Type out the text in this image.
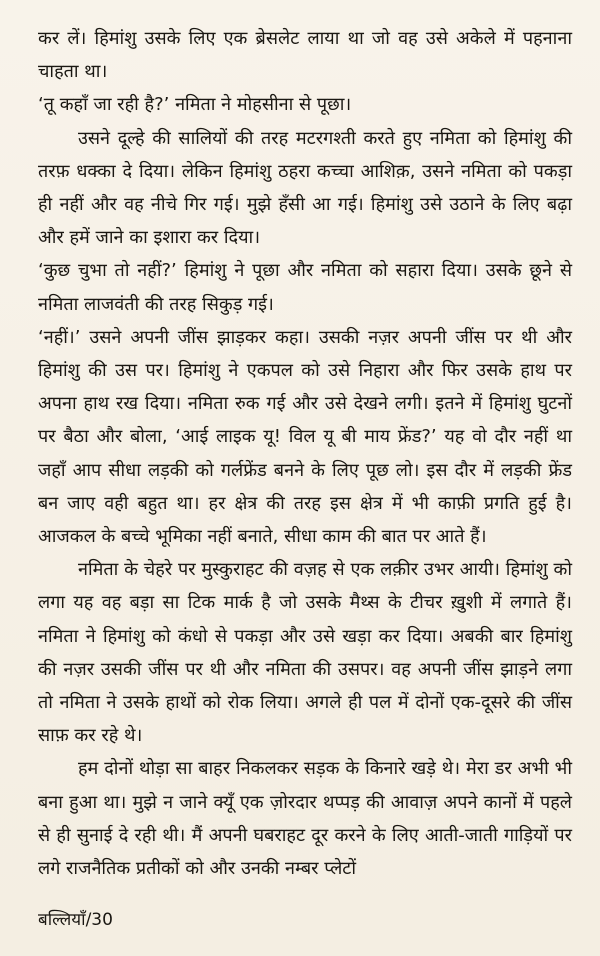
कर लें। हिमांशु उसके लिए एक ब्रेसलेट लाया था जो वह उसे अकेले में पहनाना चाहता था।

‘तू कहाँ जा रही है?’ नमिता ने मोहसीना से पूछा।

उसने दूल्हे की सालियों की तरह मटरगश्ती करते हुए नमिता को हिमांशु की तरफ़ धक्का दे दिया। लेकिन हिमांशु ठहरा कच्चा आशिक़, उसने नमिता को पकड़ा ही नहीं और वह नीचे गिर गई। मुझे हँसी आ गई। हिमांशु उसे उठाने के लिए बढ़ा और हमें जाने का इशारा कर दिया।

‘कुछ चुभा तो नहीं?’ हिमांशु ने पूछा और नमिता को सहारा दिया। उसके छूने से नमिता लाजवंती की तरह सिकुड़ गई।

‘नहीं।’ उसने अपनी जींस झाड़कर कहा। उसकी नज़र अपनी जींस पर थी और हिमांशु की उस पर। हिमांशु ने एकपल को उसे निहारा और फिर उसके हाथ पर अपना हाथ रख दिया। नमिता रुक गई और उसे देखने लगी। इतने में हिमांशु घुटनों पर बैठा और बोला, ‘आई लाइक यू! विल यू बी माय फ्रेंड?’ यह वो दौर नहीं था जहाँ आप सीधा लड़की को गर्लफ्रेंड बनने के लिए पूछ लो। इस दौर में लड़की फ्रेंड बन जाए वही बहुत था। हर क्षेत्र की तरह इस क्षेत्र में भी काफ़ी प्रगति हुई है। आजकल के बच्चे भूमिका नहीं बनाते, सीधा काम की बात पर आते हैं।

नमिता के चेहरे पर मुस्कुराहट की वज़ह से एक लक़ीर उभर आयी। हिमांशु को लगा यह वह बड़ा सा टिक मार्क है जो उसके मैथ्स के टीचर ख़ुशी में लगाते हैं। नमिता ने हिमांशु को कंधो से पकड़ा और उसे खड़ा कर दिया। अबकी बार हिमांशु की नज़र उसकी जींस पर थी और नमिता की उसपर। वह अपनी जींस झाड़ने लगा तो नमिता ने उसके हाथों को रोक लिया। अगले ही पल में दोनों एक-दूसरे की जींस साफ़ कर रहे थे।

हम दोनों थोड़ा सा बाहर निकलकर सड़क के किनारे खड़े थे। मेरा डर अभी भी बना हुआ था। मुझे न जाने क्यूँ एक ज़ोरदार थप्पड़ की आवाज़ अपने कानों में पहले से ही सुनाई दे रही थी। मैं अपनी घबराहट दूर करने के लिए आती-जाती गाड़ियों पर लगे राजनैतिक प्रतीकों को और उनकी नम्बर प्लेटों

बल्लियाँ/30
